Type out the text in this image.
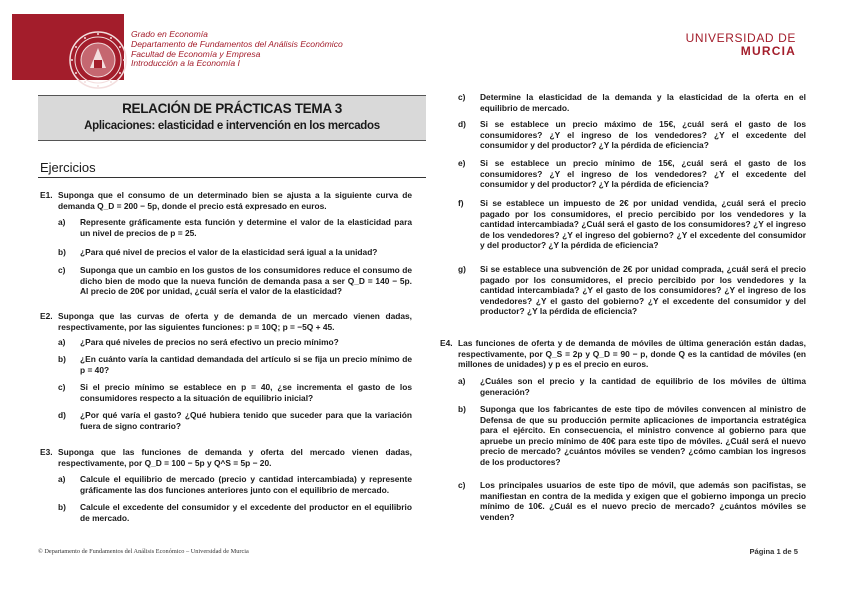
Grado en Economía
Departamento de Fundamentos del Análisis Económico
Facultad de Economía y Empresa
Introducción a la Economía I
UNIVERSIDAD DE
MURCIA
RELACIÓN DE PRÁCTICAS TEMA 3
Aplicaciones: elasticidad e intervención en los mercados
Ejercicios
E1. Suponga que el consumo de un determinado bien se ajusta a la siguiente curva de demanda Q_D = 200 − 5p, donde el precio está expresado en euros.

a) Represente gráficamente esta función y determine el valor de la elasticidad para un nivel de precios de p = 25.

b) ¿Para qué nivel de precios el valor de la elasticidad será igual a la unidad?

c) Suponga que un cambio en los gustos de los consumidores reduce el consumo de dicho bien de modo que la nueva función de demanda pasa a ser Q_D = 140 − 5p. Al precio de 20€ por unidad, ¿cuál sería el valor de la elasticidad?

E2. Suponga que las curvas de oferta y de demanda de un mercado vienen dadas, respectivamente, por las siguientes funciones: p = 10Q; p = −5Q + 45.

a) ¿Para qué niveles de precios no será efectivo un precio mínimo?

b) ¿En cuánto varía la cantidad demandada del artículo si se fija un precio mínimo de p = 40?

c) Si el precio mínimo se establece en p = 40, ¿se incrementa el gasto de los consumidores respecto a la situación de equilibrio inicial?

d) ¿Por qué varía el gasto? ¿Qué hubiera tenido que suceder para que la variación fuera de signo contrario?

E3. Suponga que las funciones de demanda y oferta del mercado vienen dadas, respectivamente, por Q_D = 100 − 5p y Q^S = 5p − 20.

a) Calcule el equilibrio de mercado (precio y cantidad intercambiada) y represente gráficamente las dos funciones anteriores junto con el equilibrio de mercado.

b) Calcule el excedente del consumidor y el excedente del productor en el equilibrio de mercado.

c) Determine la elasticidad de la demanda y la elasticidad de la oferta en el equilibrio de mercado.

d) Si se establece un precio máximo de 15€, ¿cuál será el gasto de los consumidores? ¿Y el ingreso de los vendedores? ¿Y el excedente del consumidor y del productor? ¿Y la pérdida de eficiencia?

e) Si se establece un precio mínimo de 15€, ¿cuál será el gasto de los consumidores? ¿Y el ingreso de los vendedores? ¿Y el excedente del consumidor y del productor? ¿Y la pérdida de eficiencia?

f) Si se establece un impuesto de 2€ por unidad vendida, ¿cuál será el precio pagado por los consumidores, el precio percibido por los vendedores y la cantidad intercambiada? ¿Cuál será el gasto de los consumidores? ¿Y el ingreso de los vendedores? ¿Y el ingreso del gobierno? ¿Y el excedente del consumidor y del productor? ¿Y la pérdida de eficiencia?

g) Si se establece una subvención de 2€ por unidad comprada, ¿cuál será el precio pagado por los consumidores, el precio percibido por los vendedores y la cantidad intercambiada? ¿Y el gasto de los consumidores? ¿Y el ingreso de los vendedores? ¿Y el gasto del gobierno? ¿Y el excedente del consumidor y del productor? ¿Y la pérdida de eficiencia?

E4. Las funciones de oferta y de demanda de móviles de última generación están dadas, respectivamente, por Q_S = 2p y Q_D = 90 − p, donde Q es la cantidad de móviles (en millones de unidades) y p es el precio en euros.

a) ¿Cuáles son el precio y la cantidad de equilibrio de los móviles de última generación?

b) Suponga que los fabricantes de este tipo de móviles convencen al ministro de Defensa de que su producción permite aplicaciones de importancia estratégica para el ejército. En consecuencia, el ministro convence al gobierno para que apruebe un precio mínimo de 40€ para este tipo de móviles. ¿Cuál será el nuevo precio de mercado? ¿cuántos móviles se venden? ¿cómo cambian los ingresos de los productores?

c) Los principales usuarios de este tipo de móvil, que además son pacifistas, se manifiestan en contra de la medida y exigen que el gobierno imponga un precio mínimo de 10€. ¿Cuál es el nuevo precio de mercado? ¿cuántos móviles se venden?

© Departamento de Fundamentos del Análisis Económico – Universidad de Murcia	Página 1 de 5
